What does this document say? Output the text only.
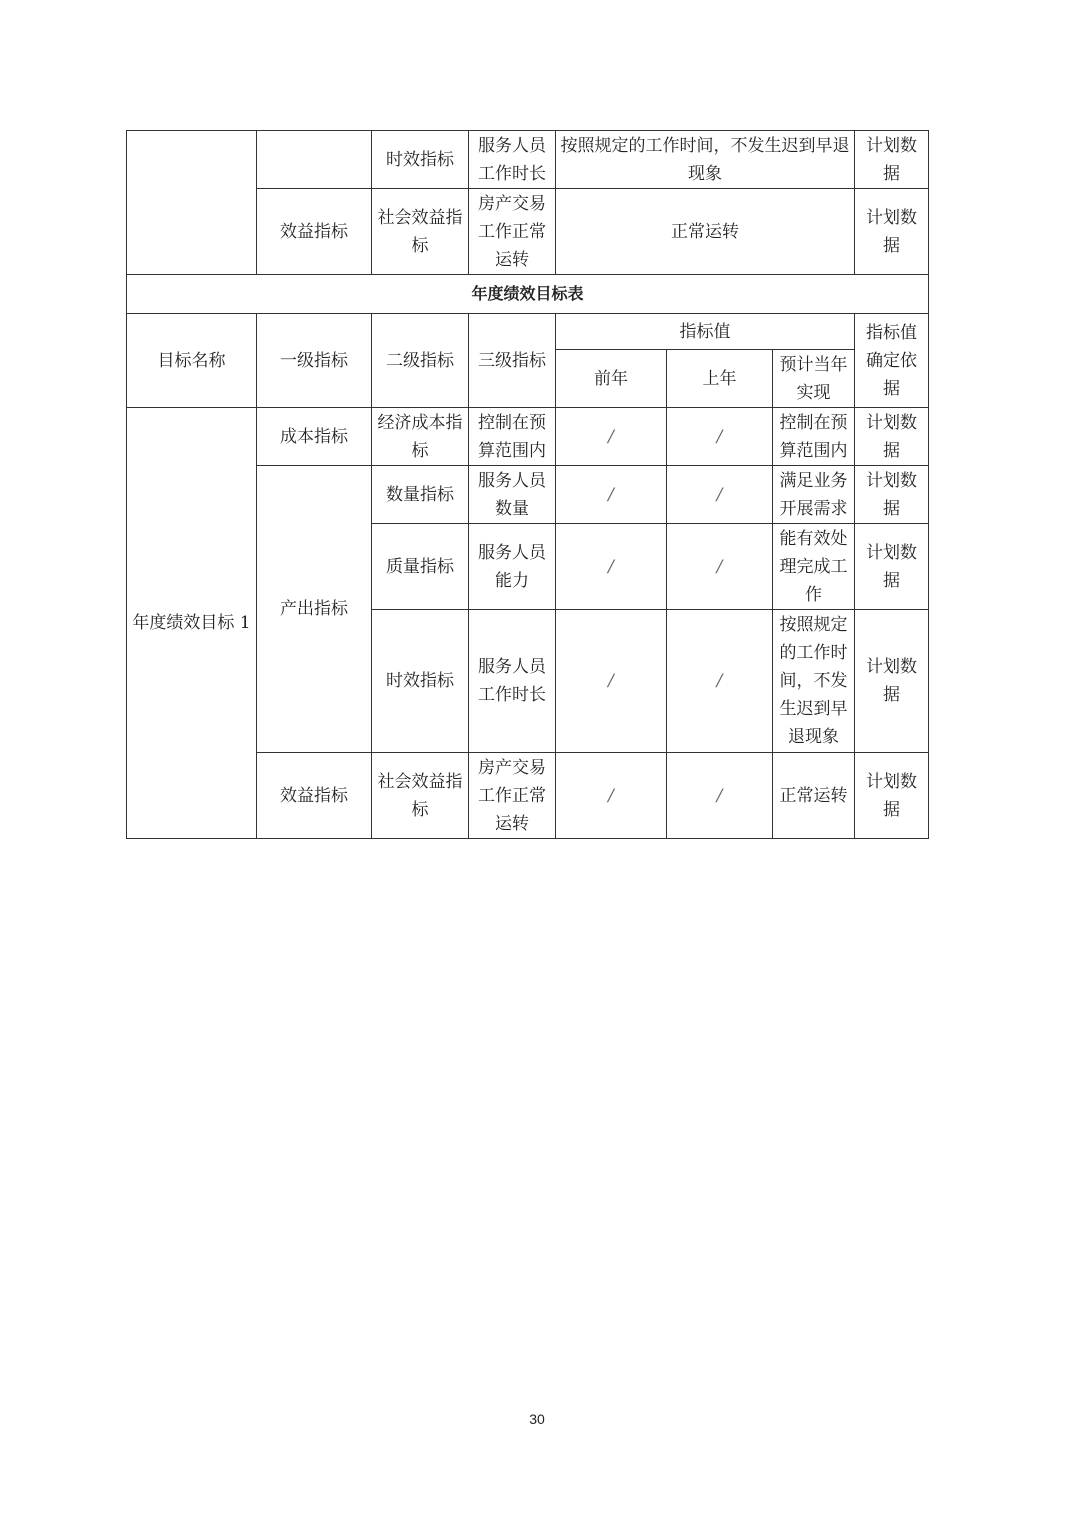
		时效指标	服务人员工作时长	按照规定的工作时间，不发生迟到早退现象			计划数据
	效益指标	社会效益指标	房产交易工作正常运转	正常运转			计划数据
年度绩效目标表							
目标名称	一级指标	二级指标	三级指标	指标值			指标值确定依据
				前年	上年	预计当年实现	
年度绩效目标 1	成本指标	经济成本指标	控制在预算范围内	/	/	控制在预算范围内	计划数据
	产出指标	数量指标	服务人员数量	/	/	满足业务开展需求	计划数据
		质量指标	服务人员能力	/	/	能有效处理完成工作	计划数据
		时效指标	服务人员工作时长	/	/	按照规定的工作时间，不发生迟到早退现象	计划数据
	效益指标	社会效益指标	房产交易工作正常运转	/	/	正常运转	计划数据
30
